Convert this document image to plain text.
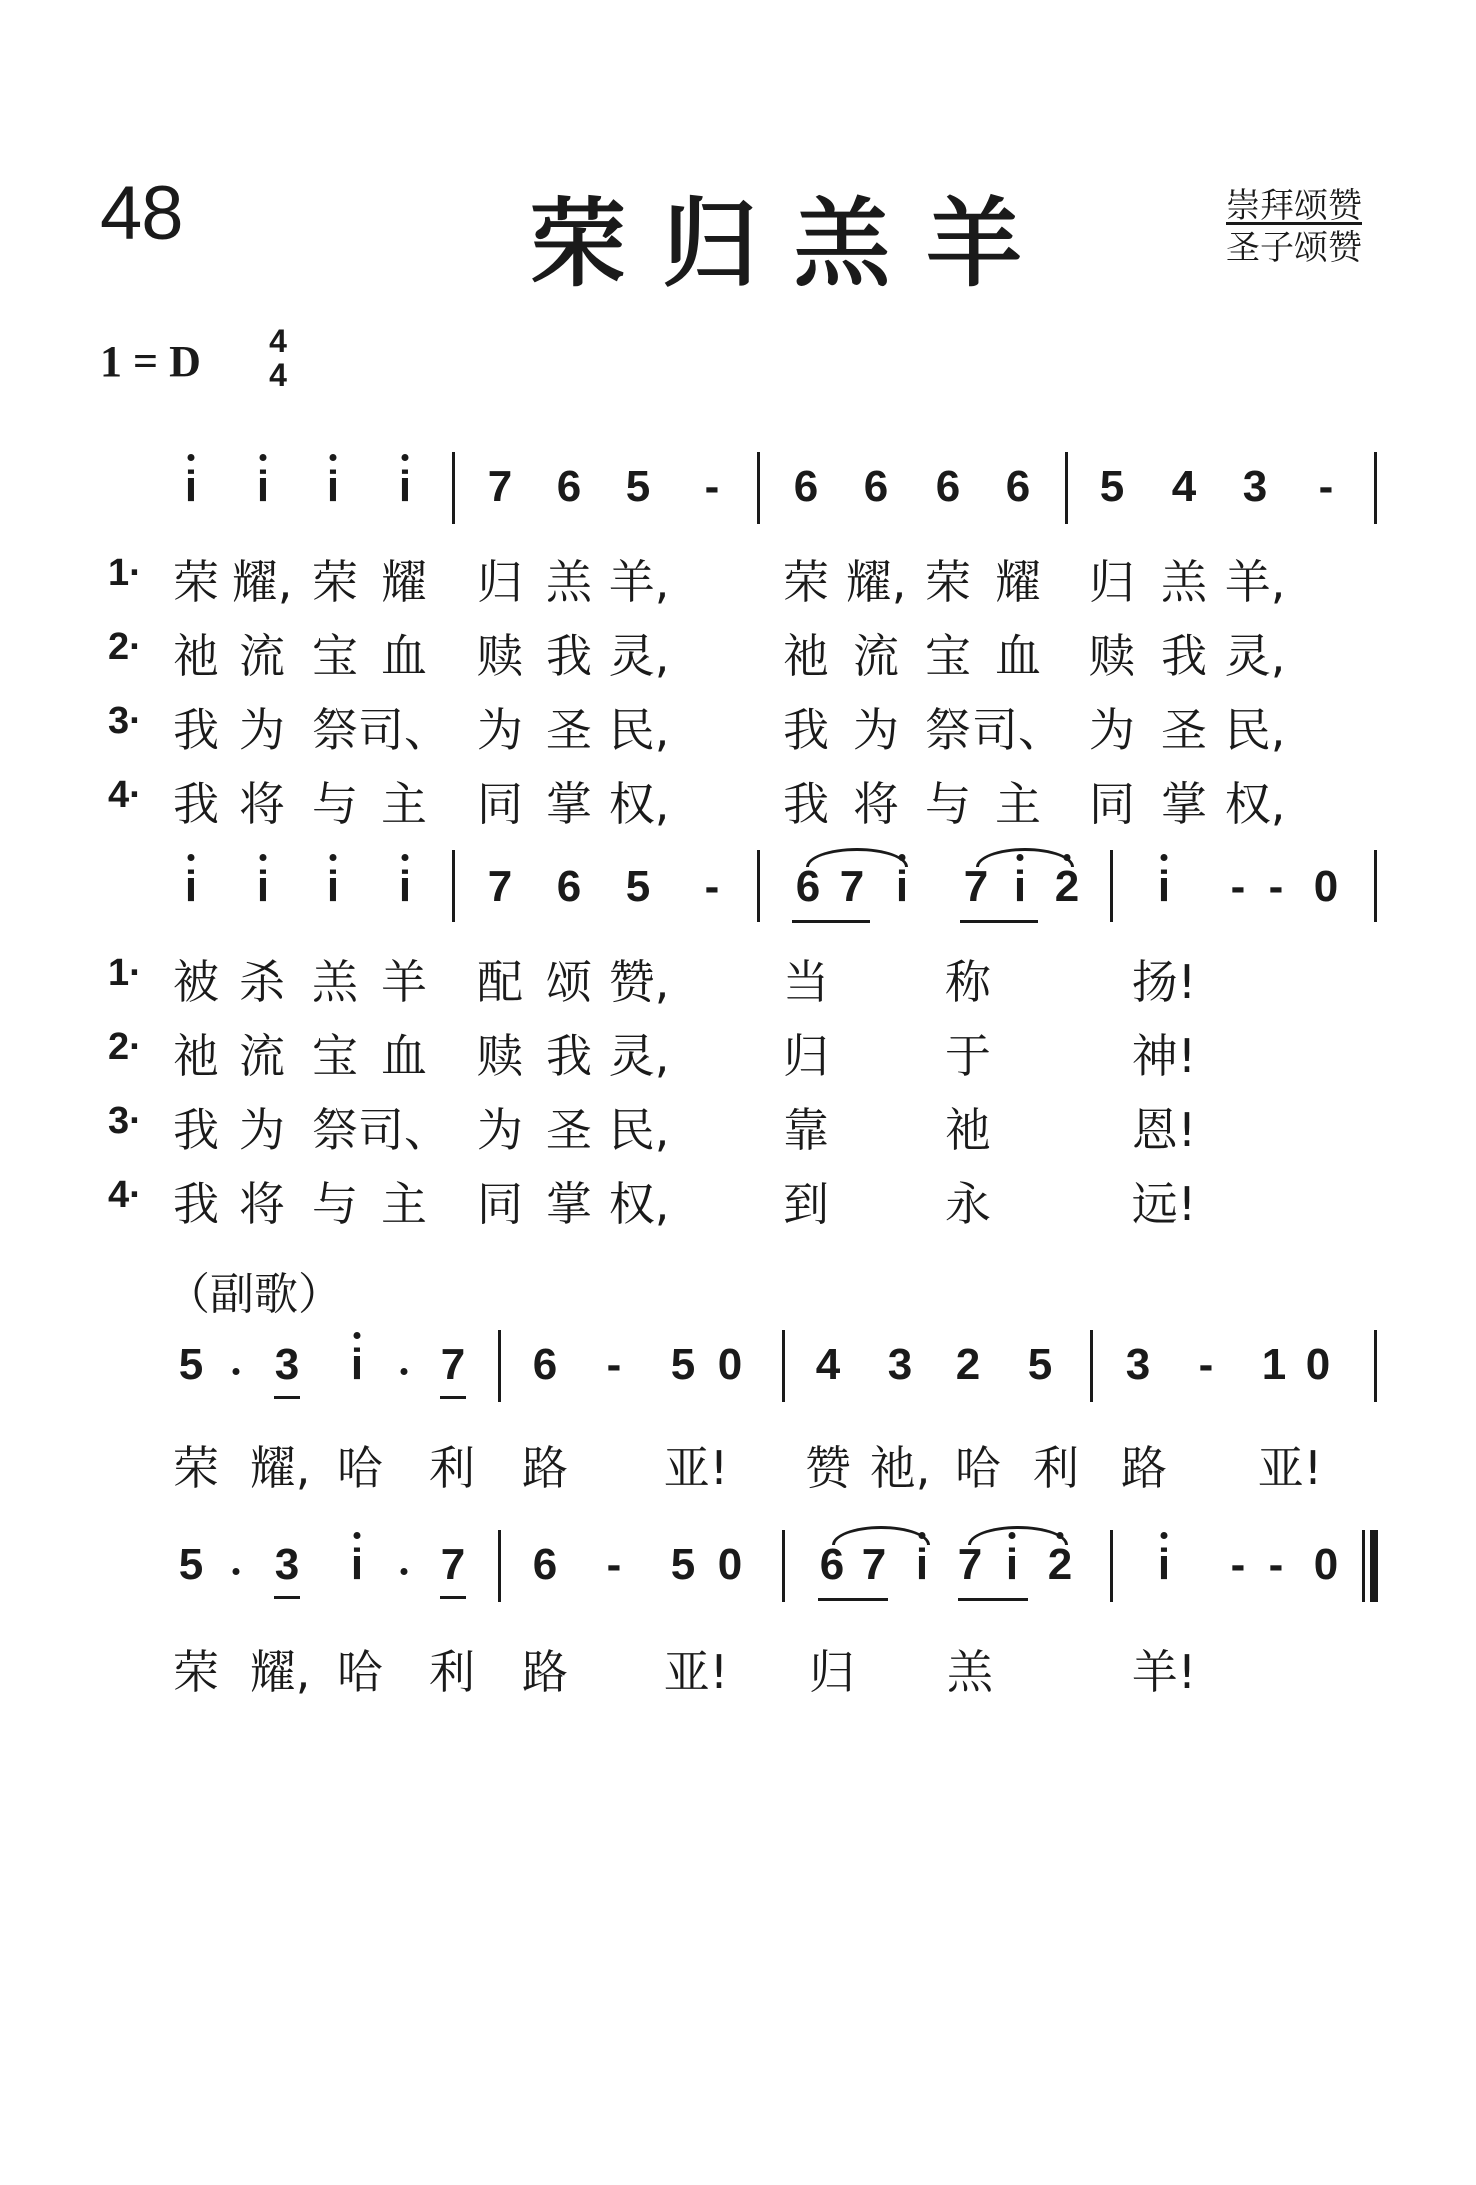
48	荣归羔羊	崇拜颂赞
圣子颂赞
1 = D 4
4
（副歌）
i i i i 7 6 5 - 6 6 6 6 5 4 3 -
i i i i 7 6 5 - 6 7 i 7 i 2 i - - 0
5 3 i 7 6 - 5 0 4 3 2 5 3 - 1 0
5 3 i 7 6 - 5 0 6 7 i 7 i 2 i - - 0
1· 荣 耀, 荣 耀 归 羔 羊, 荣 耀, 荣 耀 归 羔 羊,
2· 祂 流 宝 血 赎 我 灵, 祂 流 宝 血 赎 我 灵,
3· 我 为 祭 司、 为 圣 民, 我 为 祭 司、 为 圣 民,
4· 我 将 与 主 同 掌 权, 我 将 与 主 同 掌 权,
1· 被 杀 羔 羊 配 颂 赞, 当	称	扬!
2· 祂 流 宝 血 赎 我 灵, 归	于	神!
3· 我 为 祭 司、 为 圣 民, 靠	祂	恩!
4· 我 将 与 主 同 掌 权, 到	永	远!
荣 耀, 哈 利 路 亚! 赞 祂, 哈 利 路 亚!
荣 耀, 哈 利 路 亚! 归 羔	羊!
